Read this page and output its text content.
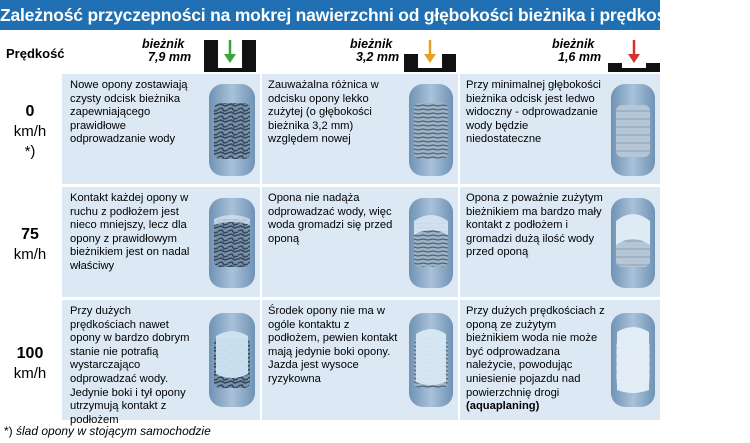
Zależność przyczepności na mokrej nawierzchni od głębokości bieżnika i prędkości pojazdu
Prędkość
bieżnik
7,9 mm
bieżnik
3,2 mm
bieżnik
1,6 mm
0
km/h
*)
Nowe opony zostawiają czysty odcisk bieżnika zapewniającego prawidłowe odprowadzanie wody
Zauważalna różnica w odcisku opony lekko zużytej (o głębokości bieżnika 3,2 mm) względem nowej
Przy minimalnej głębokości bieżnika odcisk jest ledwo widoczny - odprowadzanie wody będzie niedostateczne
75
km/h
Kontakt każdej opony w ruchu z podłożem jest nieco mniejszy, lecz dla opony z prawidłowym bieżnikiem jest on nadal właściwy
Opona nie nadąża odprowadzać wody, więc woda gromadzi się przed oponą
Opona z poważnie zużytym bieżnikiem ma bardzo mały kontakt z podłożem i gromadzi dużą ilość wody przed oponą
100
km/h
Przy dużych prędkościach nawet opony w bardzo dobrym stanie nie potrafią wystarczająco odprowadzać wody. Jedynie boki i tył opony utrzymują kontakt z podłożem
Środek opony nie ma w ogóle kontaktu z podłożem, pewien kontakt mają jedynie boki opony. Jazda jest wysoce ryzykowna
Przy dużych prędkościach z oponą ze zużytym bieżnikiem woda nie może być odprowadzana należycie, powodując uniesienie pojazdu nad powierzchnię drogi (aquaplaning)
*) ślad opony w stojącym samochodzie
